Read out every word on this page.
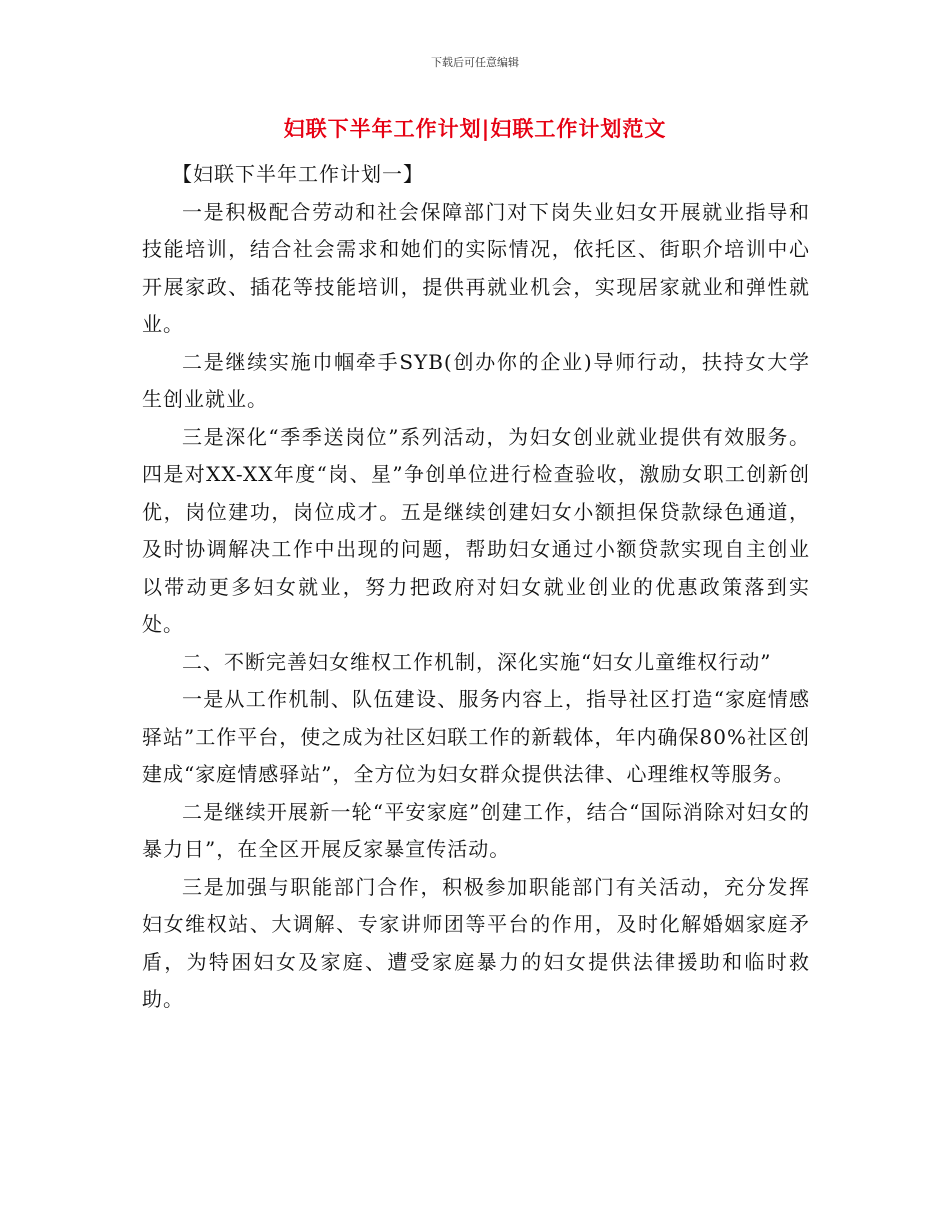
下载后可任意编辑
妇联下半年工作计划|妇联工作计划范文

【妇联下半年工作计划一】

一是积极配合劳动和社会保障部门对下岗失业妇女开展就业指导和技能培训，结合社会需求和她们的实际情况，依托区、街职介培训中心开展家政、插花等技能培训，提供再就业机会，实现居家就业和弹性就业。

二是继续实施巾帼牵手SYB(创办你的企业)导师行动，扶持女大学生创业就业。

三是深化“季季送岗位”系列活动，为妇女创业就业提供有效服务。四是对XX-XX年度“岗、星”争创单位进行检查验收，激励女职工创新创优，岗位建功，岗位成才。五是继续创建妇女小额担保贷款绿色通道，及时协调解决工作中出现的问题，帮助妇女通过小额贷款实现自主创业以带动更多妇女就业，努力把政府对妇女就业创业的优惠政策落到实处。

二、不断完善妇女维权工作机制，深化实施“妇女儿童维权行动”

一是从工作机制、队伍建设、服务内容上，指导社区打造“家庭情感驿站”工作平台，使之成为社区妇联工作的新载体，年内确保80%社区创建成“家庭情感驿站”，全方位为妇女群众提供法律、心理维权等服务。

二是继续开展新一轮“平安家庭”创建工作，结合“国际消除对妇女的暴力日”，在全区开展反家暴宣传活动。

三是加强与职能部门合作，积极参加职能部门有关活动，充分发挥妇女维权站、大调解、专家讲师团等平台的作用，及时化解婚姻家庭矛盾，为特困妇女及家庭、遭受家庭暴力的妇女提供法律援助和临时救助。
